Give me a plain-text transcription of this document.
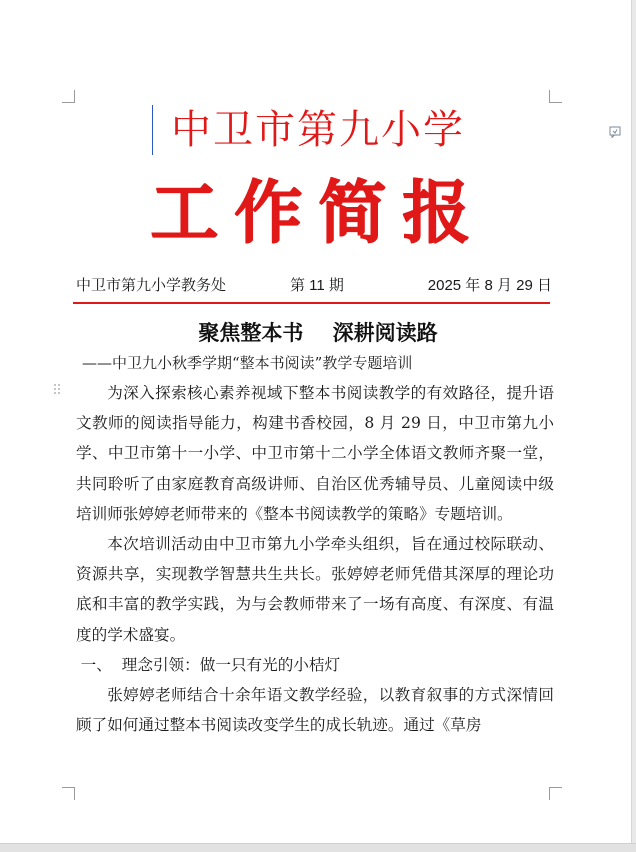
中卫市第九小学
工作简报
中卫市第九小学教务处	第 11 期	2025 年 8 月 29 日
聚焦整本书    深耕阅读路
——中卫九小秋季学期“整本书阅读”教学专题培训

为深入探索核心素养视域下整本书阅读教学的有效路径，提升语文教师的阅读指导能力，构建书香校园，8 月 29 日，中卫市第九小学、中卫市第十一小学、中卫市第十二小学全体语文教师齐聚一堂，共同聆听了由家庭教育高级讲师、自治区优秀辅导员、儿童阅读中级培训师张婷婷老师带来的《整本书阅读教学的策略》专题培训。

本次培训活动由中卫市第九小学牵头组织，旨在通过校际联动、资源共享，实现教学智慧共生共长。张婷婷老师凭借其深厚的理论功底和丰富的教学实践，为与会教师带来了一场有高度、有深度、有温度的学术盛宴。

一、  理念引领：做一只有光的小桔灯

张婷婷老师结合十余年语文教学经验，以教育叙事的方式深情回顾了如何通过整本书阅读改变学生的成长轨迹。通过《草房
